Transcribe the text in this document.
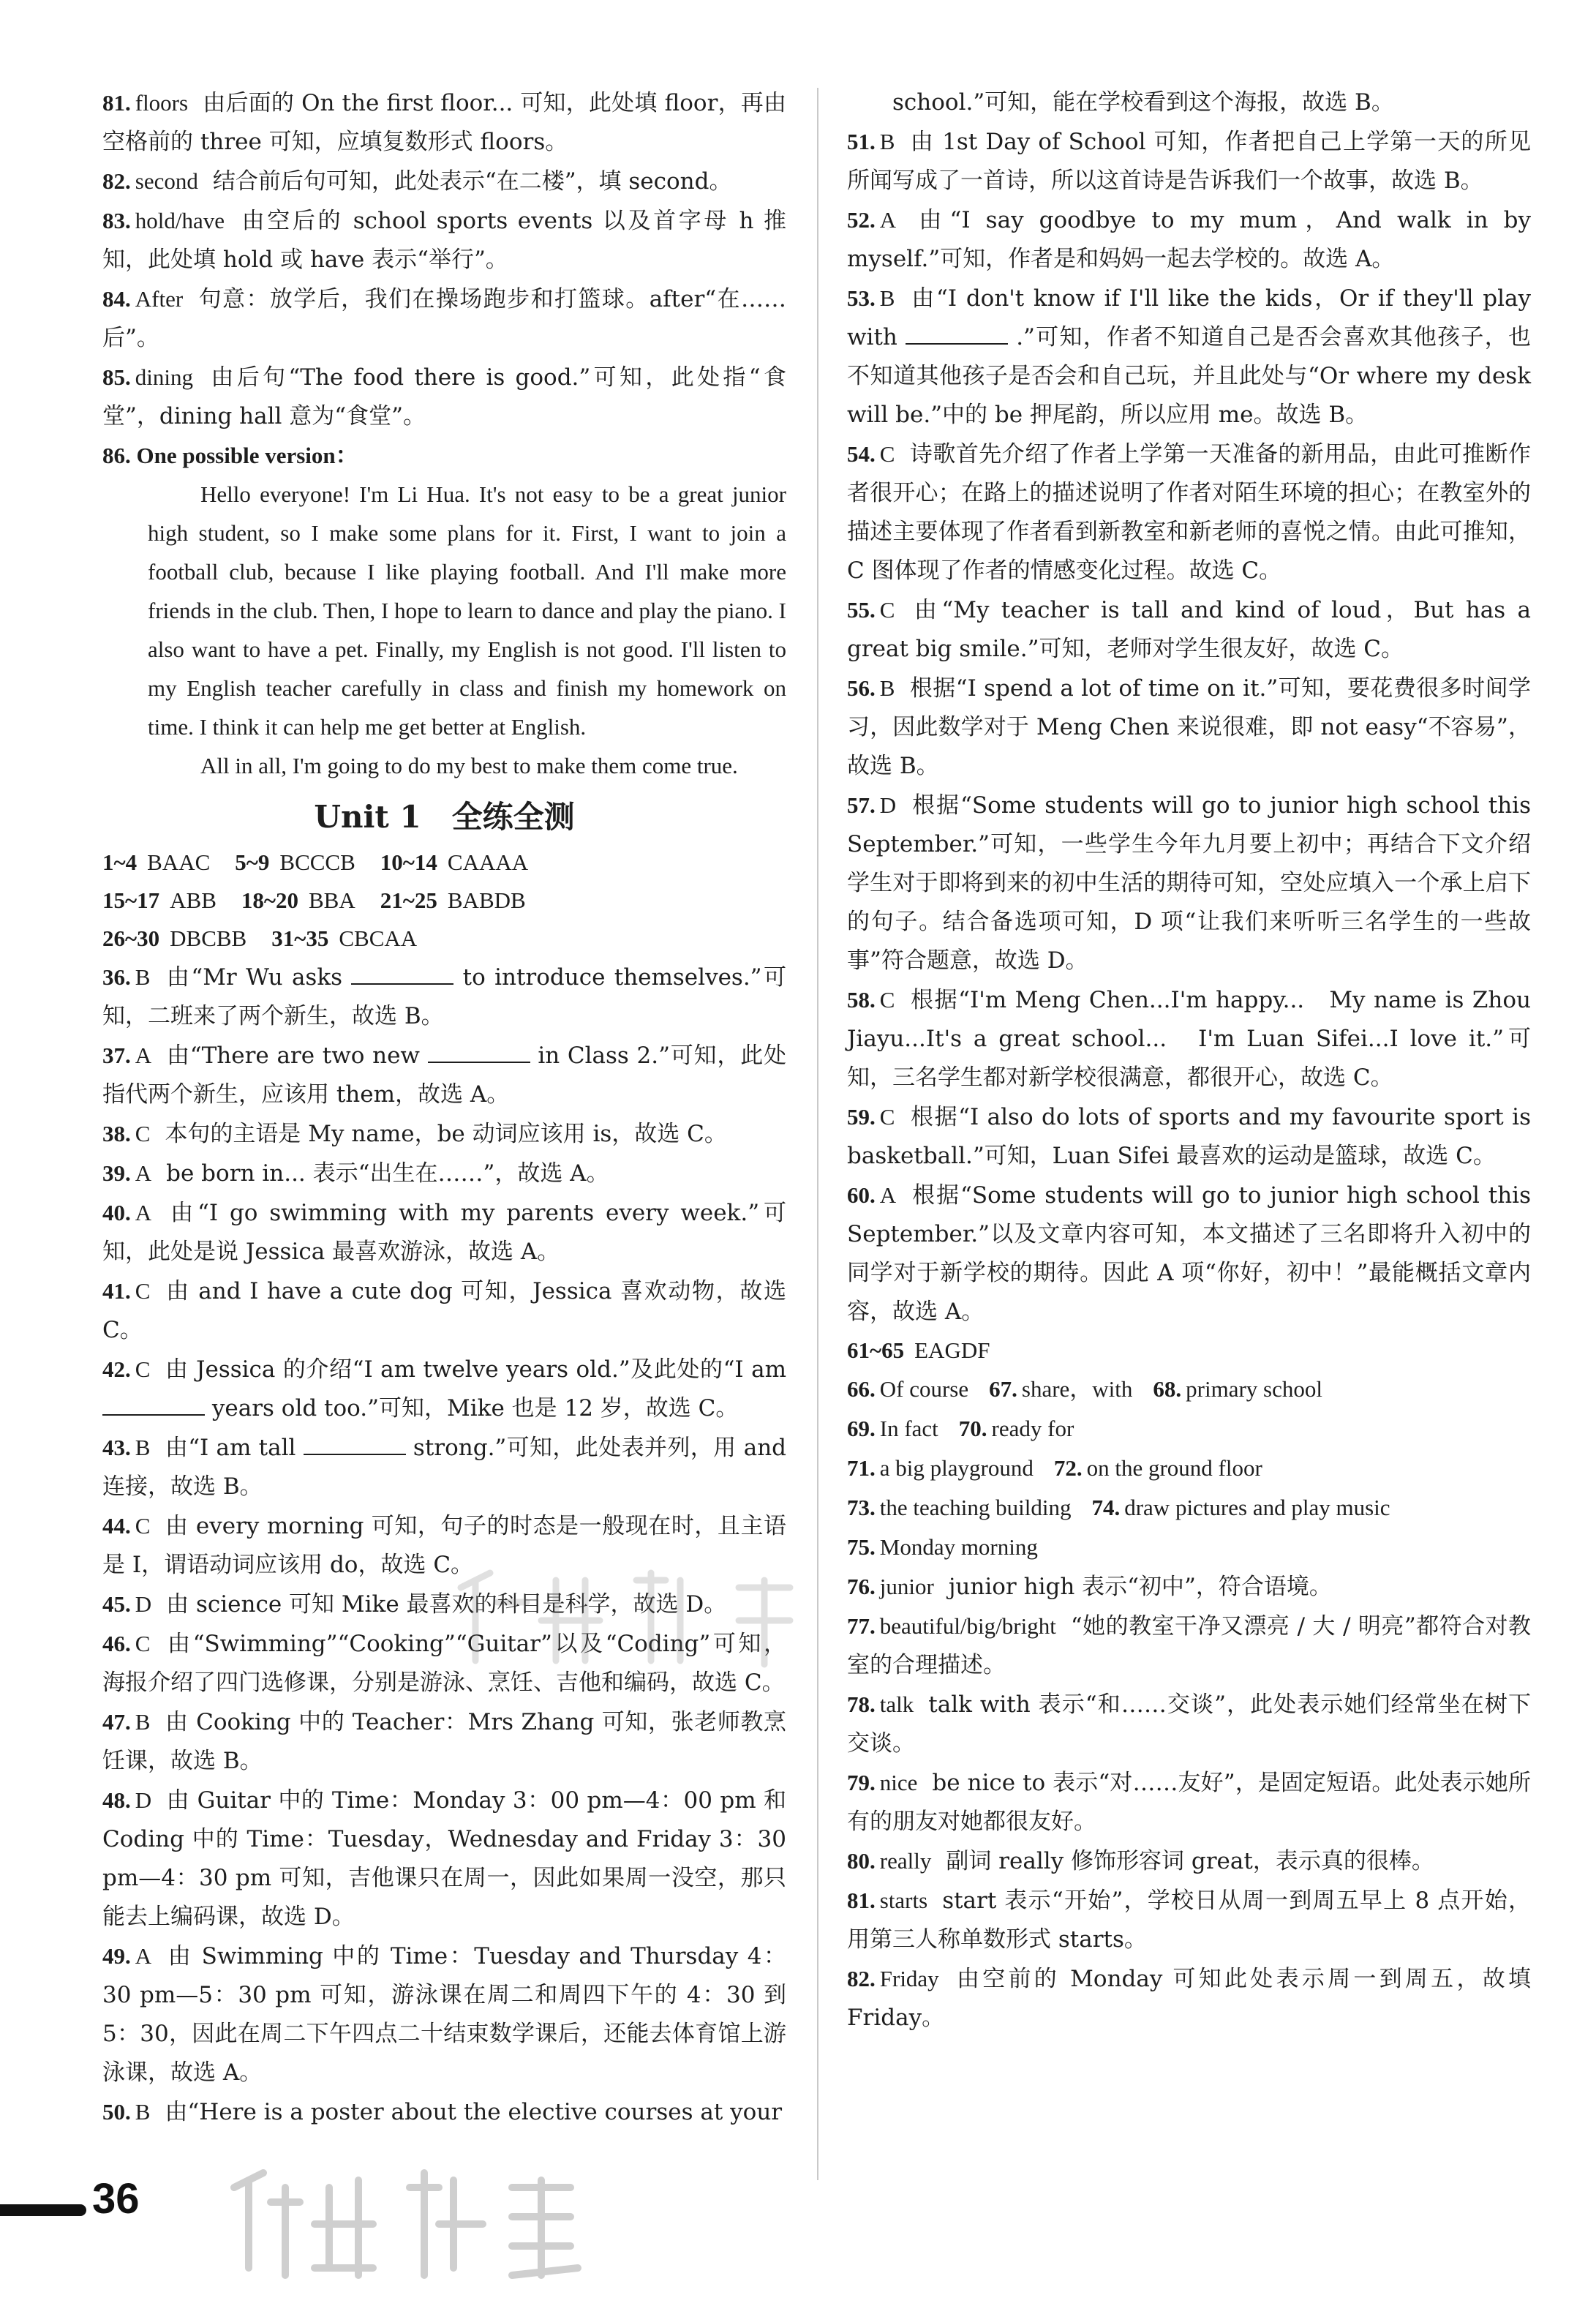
81. floors 由后面的 On the first floor... 可知，此处填 floor，再由空格前的 three 可知，应填复数形式 floors。

82. second 结合前后句可知，此处表示“在二楼”，填 second。

83. hold/have 由空后的 school sports events 以及首字母 h 推知，此处填 hold 或 have 表示“举行”。

84. After 句意：放学后，我们在操场跑步和打篮球。after“在……后”。

85. dining 由后句“The food there is good.”可知，此处指“食堂”，dining hall 意为“食堂”。

86. One possible version：

Hello everyone! I'm Li Hua. It's not easy to be a great junior high student, so I make some plans for it. First, I want to join a football club, because I like playing football. And I'll make more friends in the club. Then, I hope to learn to dance and play the piano. I also want to have a pet. Finally, my English is not good. I'll listen to my English teacher carefully in class and finish my homework on time. I think it can help me get better at English.

All in all, I'm going to do my best to make them come true.

Unit 1　全练全测

1~4 BAAC 5~9 BCCCB 10~14 CAAAA

15~17 ABB 18~20 BBA 21~25 BABDB

26~30 DBCBB 31~35 CBCAA

36. B 由“Mr Wu asks	to introduce themselves.”可知，二班来了两个新生，故选 B。

37. A 由“There are two new	in Class 2.”可知，此处指代两个新生，应该用 them，故选 A。

38. C 本句的主语是 My name，be 动词应该用 is，故选 C。

39. A be born in... 表示“出生在……”，故选 A。

40. A 由“I go swimming with my parents every week.”可知，此处是说 Jessica 最喜欢游泳，故选 A。

41. C 由 and I have a cute dog 可知，Jessica 喜欢动物，故选 C。

42. C 由 Jessica 的介绍“I am twelve years old.”及此处的“I am  years old too.”可知，Mike 也是 12 岁，故选 C。

43. B 由“I am tall	strong.”可知，此处表并列，用 and 连接，故选 B。

44. C 由 every morning 可知，句子的时态是一般现在时，且主语是 I，谓语动词应该用 do，故选 C。

45. D 由 science 可知 Mike 最喜欢的科目是科学，故选 D。

46. C 由“Swimming”“Cooking”“Guitar”以及“Coding”可知，海报介绍了四门选修课，分别是游泳、烹饪、吉他和编码，故选 C。

47. B 由 Cooking 中的 Teacher：Mrs Zhang 可知，张老师教烹饪课，故选 B。

48. D 由 Guitar 中的 Time：Monday 3：00 pm—4：00 pm 和 Coding 中的 Time：Tuesday，Wednesday and Friday 3：30 pm—4：30 pm 可知，吉他课只在周一，因此如果周一没空，那只能去上编码课，故选 D。

49. A 由 Swimming 中的 Time：Tuesday and Thursday 4：30 pm—5：30 pm 可知，游泳课在周二和周四下午的 4：30 到 5：30，因此在周二下午四点二十结束数学课后，还能去体育馆上游泳课，故选 A。

50. B 由“Here is a poster about the elective courses at your

school.”可知，能在学校看到这个海报，故选 B。

51. B 由 1st Day of School 可知，作者把自己上学第一天的所见所闻写成了一首诗，所以这首诗是告诉我们一个故事，故选 B。

52. A 由“I say goodbye to my mum，And walk in by myself.”可知，作者是和妈妈一起去学校的。故选 A。

53. B 由“I don't know if I'll like the kids，Or if they'll play with	.”可知，作者不知道自己是否会喜欢其他孩子，也不知道其他孩子是否会和自己玩，并且此处与“Or where my desk will be.”中的 be 押尾韵，所以应用 me。故选 B。

54. C 诗歌首先介绍了作者上学第一天准备的新用品，由此可推断作者很开心；在路上的描述说明了作者对陌生环境的担心；在教室外的描述主要体现了作者看到新教室和新老师的喜悦之情。由此可推知，C 图体现了作者的情感变化过程。故选 C。

55. C 由“My teacher is tall and kind of loud，But has a great big smile.”可知，老师对学生很友好，故选 C。

56. B 根据“I spend a lot of time on it.”可知，要花费很多时间学习，因此数学对于 Meng Chen 来说很难，即 not easy“不容易”，故选 B。

57. D 根据“Some students will go to junior high school this September.”可知，一些学生今年九月要上初中；再结合下文介绍学生对于即将到来的初中生活的期待可知，空处应填入一个承上启下的句子。结合备选项可知，D 项“让我们来听听三名学生的一些故事”符合题意，故选 D。

58. C 根据“I'm Meng Chen...I'm happy...　My name is Zhou Jiayu...It's a great school...　I'm Luan Sifei...I love it.”可知，三名学生都对新学校很满意，都很开心，故选 C。

59. C 根据“I also do lots of sports and my favourite sport is basketball.”可知，Luan Sifei 最喜欢的运动是篮球，故选 C。

60. A 根据“Some students will go to junior high school this September.”以及文章内容可知，本文描述了三名即将升入初中的同学对于新学校的期待。因此 A 项“你好，初中！”最能概括文章内容，故选 A。

61~65 EAGDF

66. Of course 67. share，with 68. primary school

69. In fact 70. ready for

71. a big playground 72. on the ground floor

73. the teaching building 74. draw pictures and play music

75. Monday morning

76. junior junior high 表示“初中”，符合语境。

77. beautiful/big/bright “她的教室干净又漂亮 / 大 / 明亮”都符合对教室的合理描述。

78. talk talk with 表示“和……交谈”，此处表示她们经常坐在树下交谈。

79. nice be nice to 表示“对……友好”，是固定短语。此处表示她所有的朋友对她都很友好。

80. really 副词 really 修饰形容词 great，表示真的很棒。

81. starts start 表示“开始”，学校日从周一到周五早上 8 点开始，用第三人称单数形式 starts。

82. Friday 由空前的 Monday 可知此处表示周一到周五，故填 Friday。

36
